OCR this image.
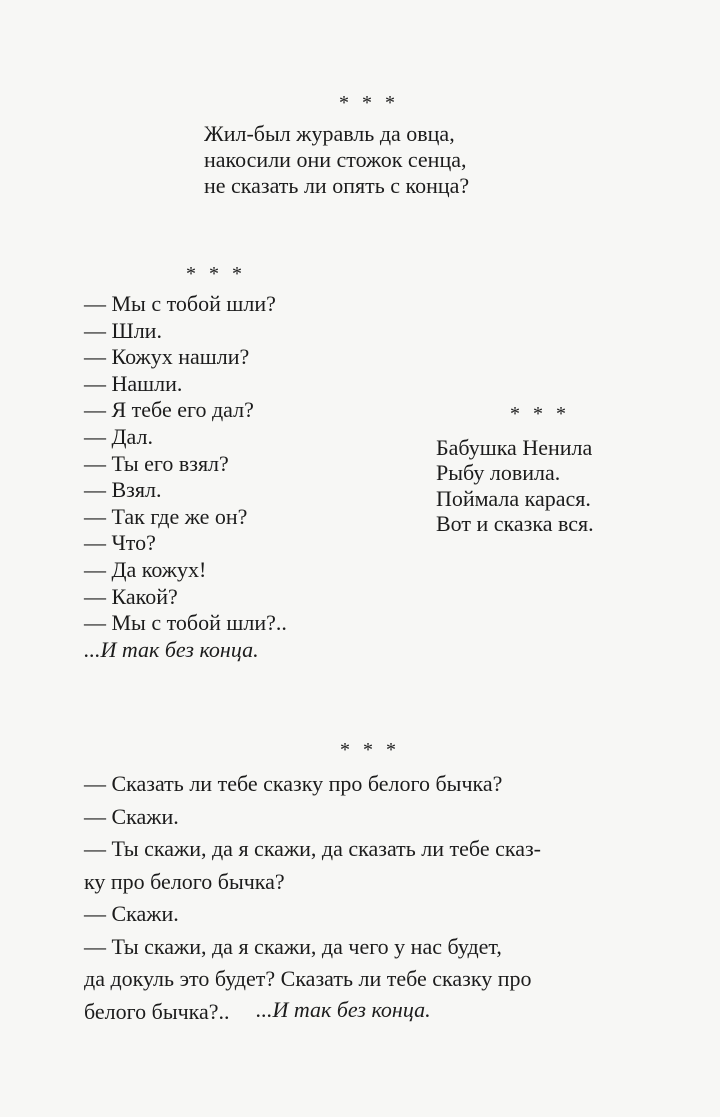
* * *
Жил-был журавль да овца,
накосили они стожок сенца,
не сказать ли опять с конца?
* * *
— Мы с тобой шли?
— Шли.
— Кожух нашли?
— Нашли.
— Я тебе его дал?
— Дал.
— Ты его взял?
— Взял.
— Так где же он?
— Что?
— Да кожух!
— Какой?
— Мы с тобой шли?..
...И так без конца.
* * *
Бабушка Ненила
Рыбу ловила.
Поймала карася.
Вот и сказка вся.
* * *
— Сказать ли тебе сказку про белого бычка?
— Скажи.
— Ты скажи, да я скажи, да сказать ли тебе сказ-
ку про белого бычка?
— Скажи.
— Ты скажи, да я скажи, да чего у нас будет,
да докуль это будет? Сказать ли тебе сказку про
белого бычка?..	...И так без конца.
